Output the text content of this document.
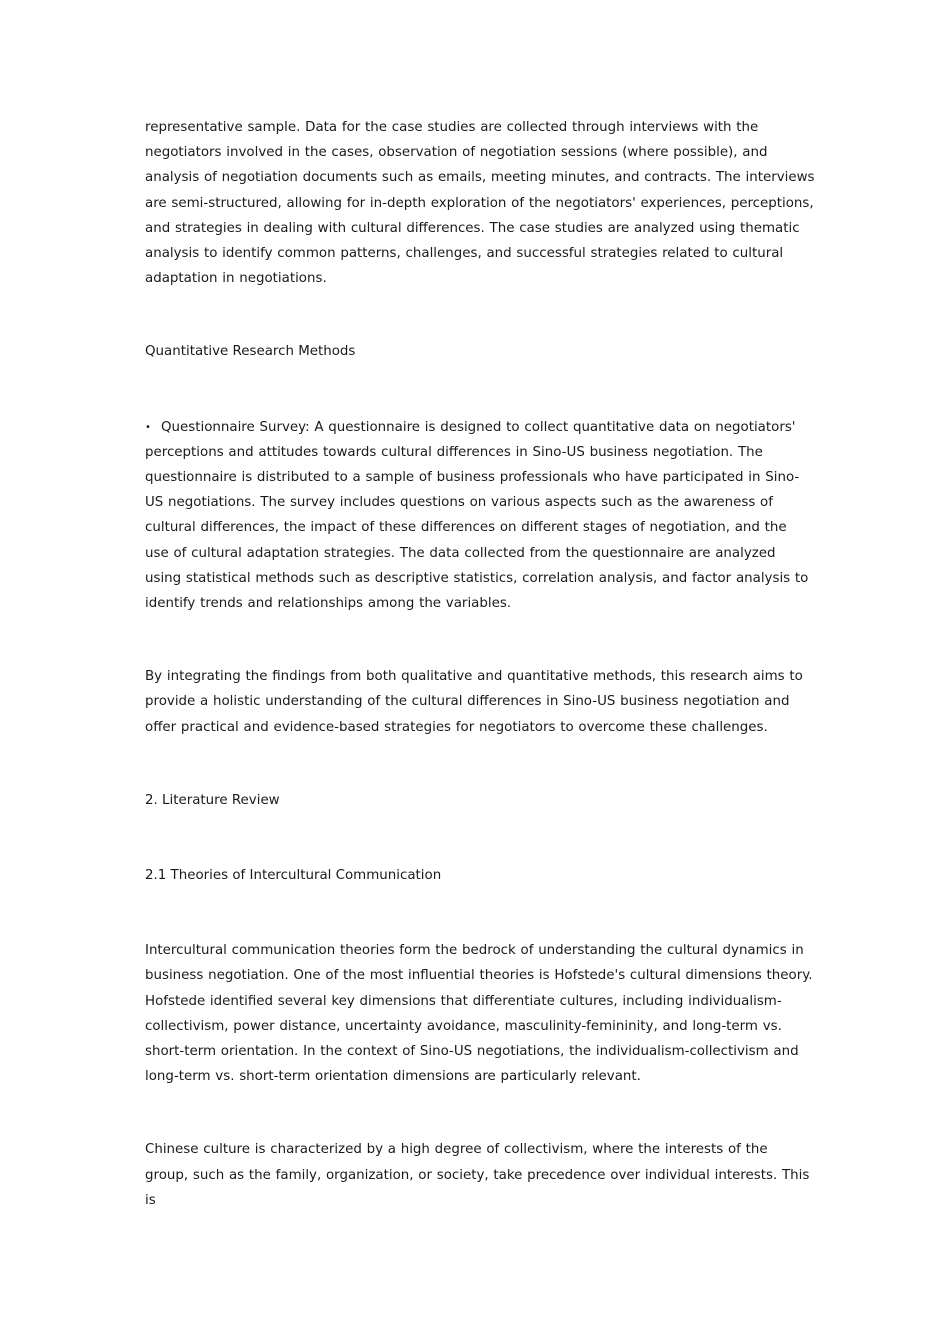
representative sample. Data for the case studies are collected through interviews with the negotiators involved in the cases, observation of negotiation sessions (where possible), and analysis of negotiation documents such as emails, meeting minutes, and contracts. The interviews are semi-structured, allowing for in-depth exploration of the negotiators' experiences, perceptions, and strategies in dealing with cultural differences. The case studies are analyzed using thematic analysis to identify common patterns, challenges, and successful strategies related to cultural adaptation in negotiations.

Quantitative Research Methods

• Questionnaire Survey: A questionnaire is designed to collect quantitative data on negotiators' perceptions and attitudes towards cultural differences in Sino-US business negotiation. The questionnaire is distributed to a sample of business professionals who have participated in Sino-US negotiations. The survey includes questions on various aspects such as the awareness of cultural differences, the impact of these differences on different stages of negotiation, and the use of cultural adaptation strategies. The data collected from the questionnaire are analyzed using statistical methods such as descriptive statistics, correlation analysis, and factor analysis to identify trends and relationships among the variables.

By integrating the findings from both qualitative and quantitative methods, this research aims to provide a holistic understanding of the cultural differences in Sino-US business negotiation and offer practical and evidence-based strategies for negotiators to overcome these challenges.

2. Literature Review

2.1 Theories of Intercultural Communication

Intercultural communication theories form the bedrock of understanding the cultural dynamics in business negotiation. One of the most influential theories is Hofstede's cultural dimensions theory. Hofstede identified several key dimensions that differentiate cultures, including individualism-collectivism, power distance, uncertainty avoidance, masculinity-femininity, and long-term vs. short-term orientation. In the context of Sino-US negotiations, the individualism-collectivism and long-term vs. short-term orientation dimensions are particularly relevant.

Chinese culture is characterized by a high degree of collectivism, where the interests of the group, such as the family, organization, or society, take precedence over individual interests. This is
